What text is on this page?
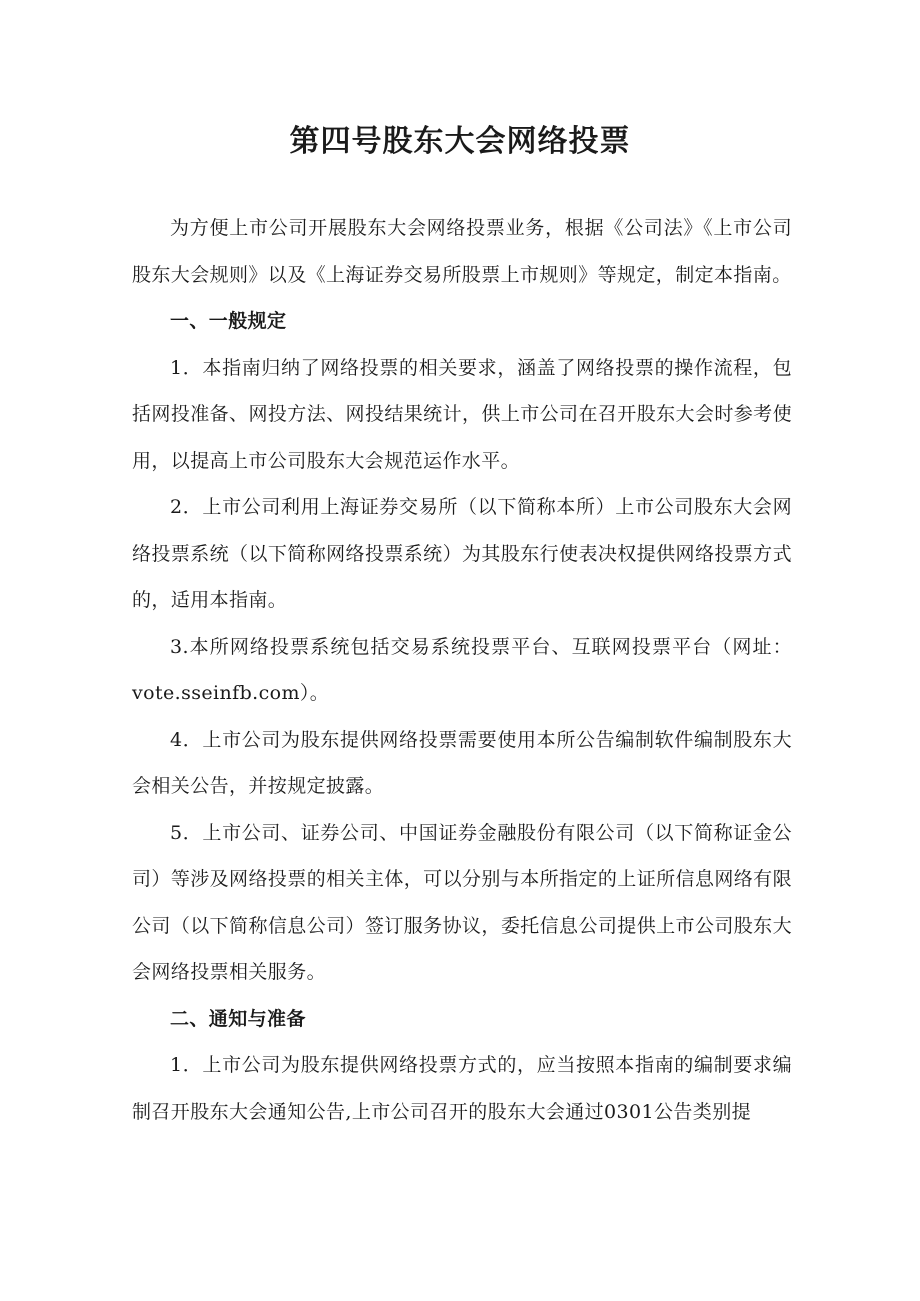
第四号股东大会网络投票

为方便上市公司开展股东大会网络投票业务，根据《公司法》《上市公司股东大会规则》以及《上海证券交易所股票上市规则》等规定，制定本指南。

一、一般规定

1．本指南归纳了网络投票的相关要求，涵盖了网络投票的操作流程，包括网投准备、网投方法、网投结果统计，供上市公司在召开股东大会时参考使用，以提高上市公司股东大会规范运作水平。

2．上市公司利用上海证券交易所（以下简称本所）上市公司股东大会网络投票系统（以下简称网络投票系统）为其股东行使表决权提供网络投票方式的，适用本指南。

3.本所网络投票系统包括交易系统投票平台、互联网投票平台（网址：vote.sseinfb.com）。

4．上市公司为股东提供网络投票需要使用本所公告编制软件编制股东大会相关公告，并按规定披露。

5．上市公司、证券公司、中国证券金融股份有限公司（以下简称证金公司）等涉及网络投票的相关主体，可以分别与本所指定的上证所信息网络有限公司（以下简称信息公司）签订服务协议，委托信息公司提供上市公司股东大会网络投票相关服务。

二、通知与准备

1．上市公司为股东提供网络投票方式的，应当按照本指南的编制要求编制召开股东大会通知公告,上市公司召开的股东大会通过0301公告类别提
